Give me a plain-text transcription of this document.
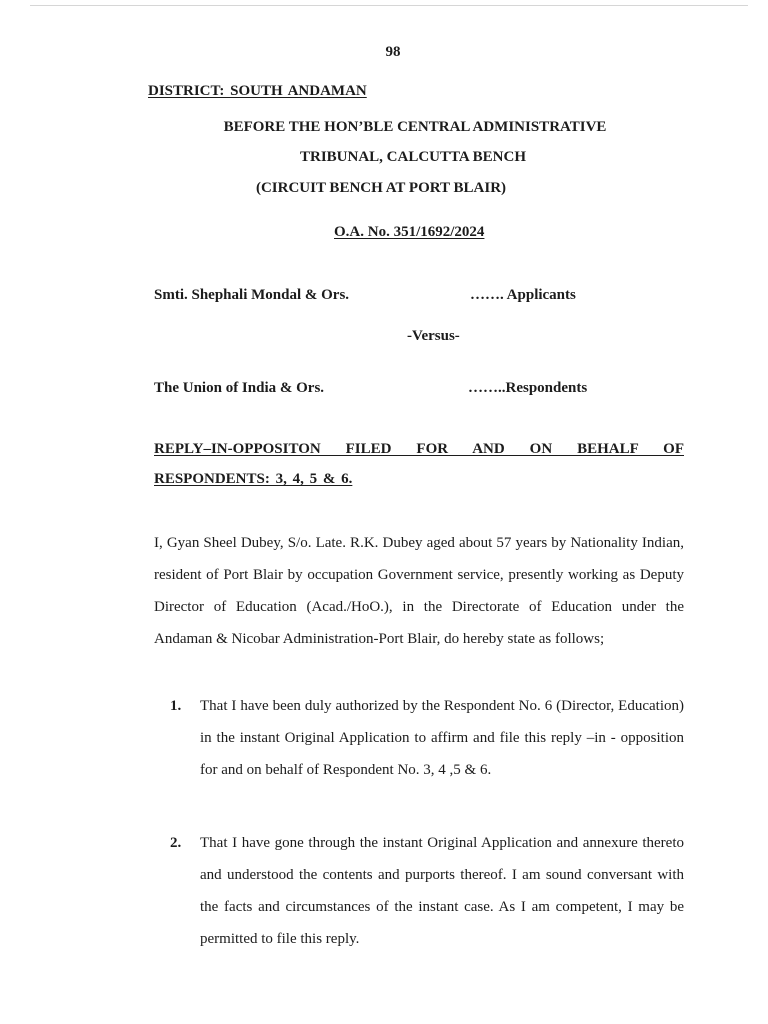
98
DISTRICT: SOUTH ANDAMAN
BEFORE THE HON’BLE CENTRAL ADMINISTRATIVE
TRIBUNAL, CALCUTTA BENCH
(CIRCUIT BENCH AT PORT BLAIR)
O.A. No. 351/1692/2024
Smti. Shephali Mondal & Ors.	……. Applicants
-Versus-
The Union of India & Ors.	……..Respondents
REPLY–IN-OPPOSITON FILED FOR AND ON BEHALF OF
RESPONDENTS: 3, 4, 5 & 6.

I, Gyan Sheel Dubey, S/o. Late. R.K. Dubey aged about 57 years by Nationality Indian, resident of Port Blair by occupation Government service, presently working as Deputy Director of Education (Acad./HoO.), in the Directorate of Education under the Andaman & Nicobar Administration-Port Blair, do hereby state as follows;

1. That I have been duly authorized by the Respondent No. 6 (Director, Education) in the instant Original Application to affirm and file this reply –in - opposition for and on behalf of Respondent No. 3, 4 ,5 & 6.

2. That I have gone through the instant Original Application and annexure thereto and understood the contents and purports thereof. I am sound conversant with the facts and circumstances of the instant case. As I am competent, I may be permitted to file this reply.
